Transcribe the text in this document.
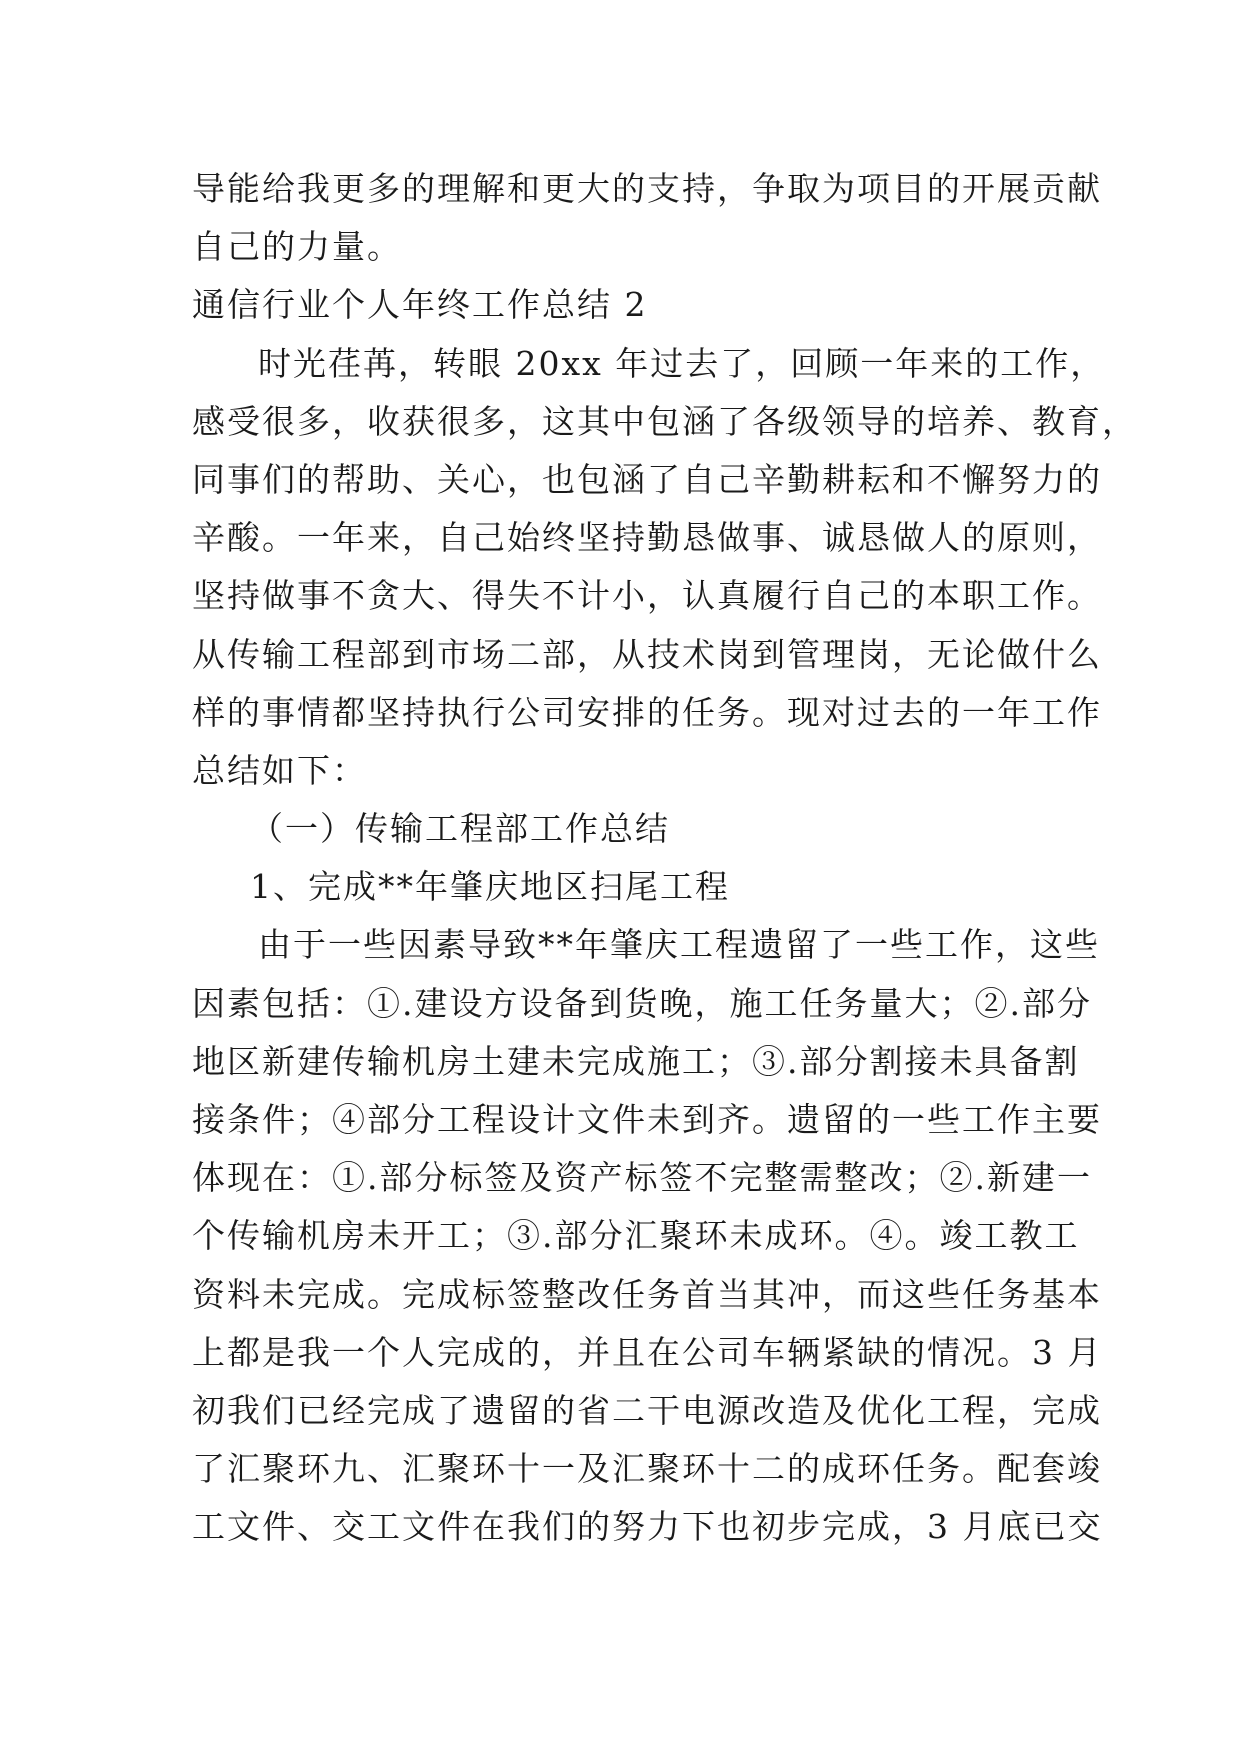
导能给我更多的理解和更大的支持，争取为项目的开展贡献
自己的力量。
通信行业个人年终工作总结 2
时光荏苒，转眼 20xx 年过去了，回顾一年来的工作，
感受很多，收获很多，这其中包涵了各级领导的培养、教育，
同事们的帮助、关心，也包涵了自己辛勤耕耘和不懈努力的
辛酸。一年来，自己始终坚持勤恳做事、诚恳做人的原则，
坚持做事不贪大、得失不计小，认真履行自己的本职工作。
从传输工程部到市场二部，从技术岗到管理岗，无论做什么
样的事情都坚持执行公司安排的任务。现对过去的一年工作
总结如下：
（一）传输工程部工作总结
1、完成**年肇庆地区扫尾工程
由于一些因素导致**年肇庆工程遗留了一些工作，这些
因素包括：①.建设方设备到货晚，施工任务量大；②.部分
地区新建传输机房土建未完成施工；③.部分割接未具备割
接条件；④部分工程设计文件未到齐。遗留的一些工作主要
体现在：①.部分标签及资产标签不完整需整改；②.新建一
个传输机房未开工；③.部分汇聚环未成环。④。竣工教工
资料未完成。完成标签整改任务首当其冲，而这些任务基本
上都是我一个人完成的，并且在公司车辆紧缺的情况。3 月
初我们已经完成了遗留的省二干电源改造及优化工程，完成
了汇聚环九、汇聚环十一及汇聚环十二的成环任务。配套竣
工文件、交工文件在我们的努力下也初步完成，3 月底已交
